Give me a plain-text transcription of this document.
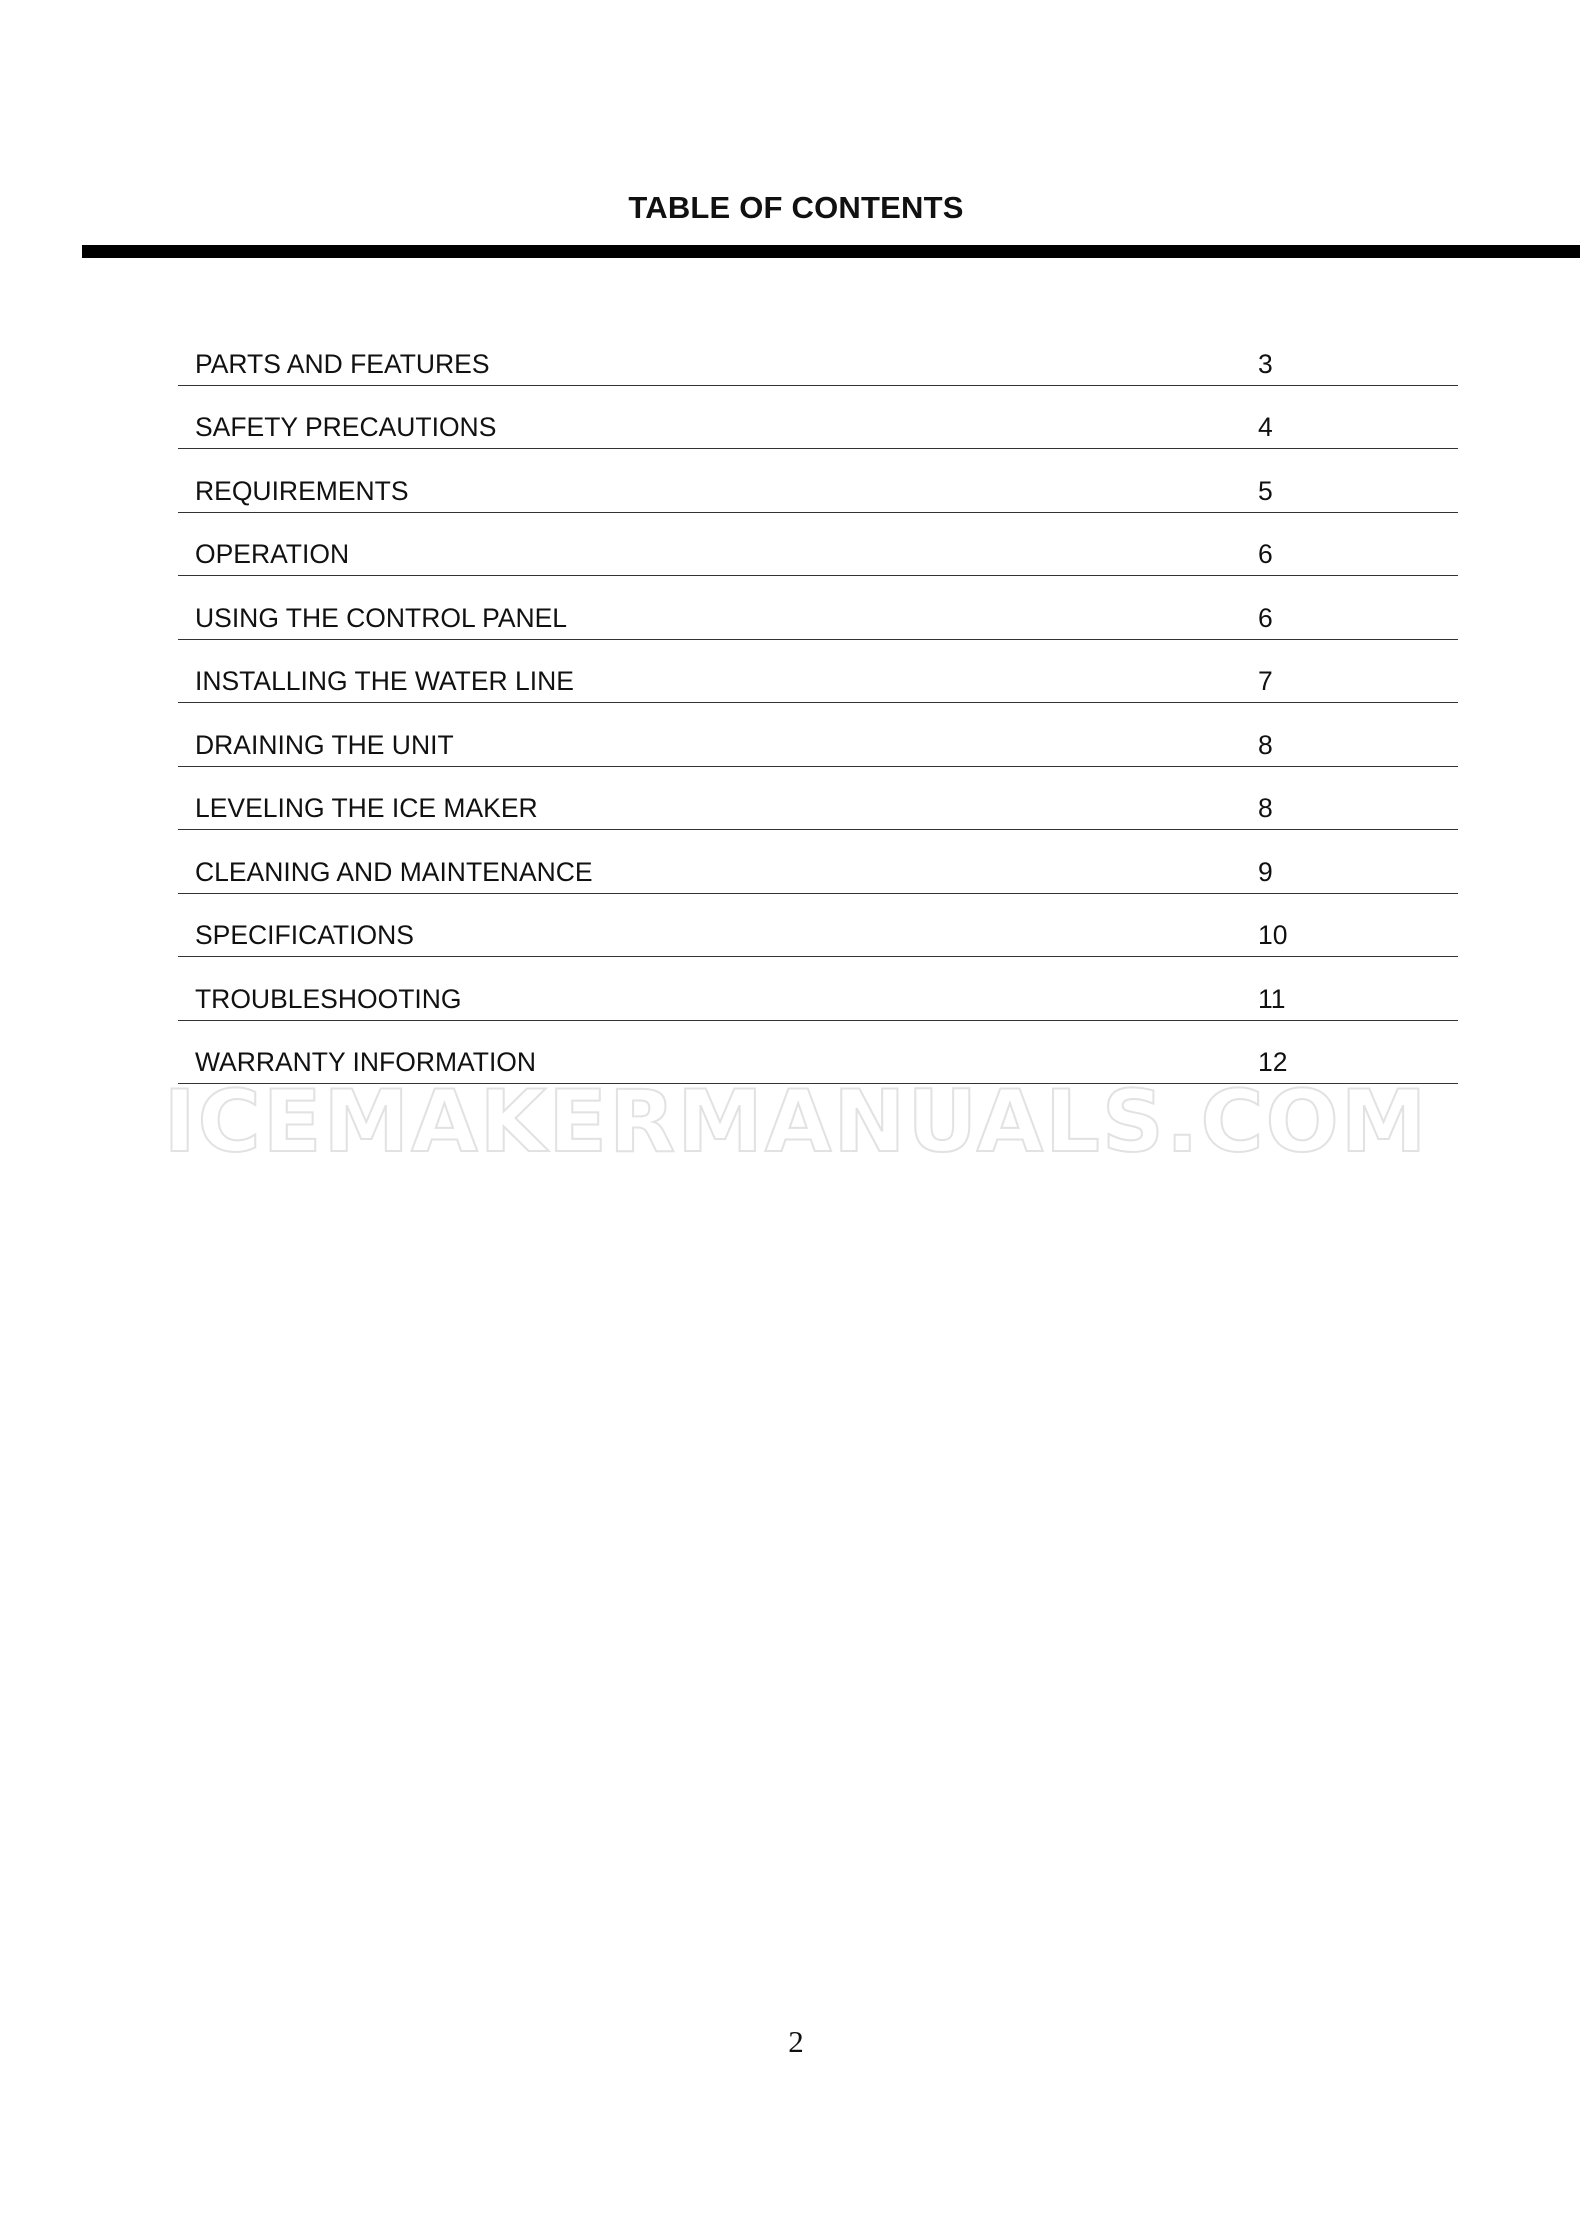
TABLE OF CONTENTS
PARTS AND FEATURES	3
SAFETY PRECAUTIONS	4
REQUIREMENTS	5
OPERATION	6
USING THE CONTROL PANEL	6
INSTALLING THE WATER LINE	7
DRAINING THE UNIT	8
LEVELING THE ICE MAKER	8
CLEANING AND MAINTENANCE	9
SPECIFICATIONS	10
TROUBLESHOOTING	11
WARRANTY INFORMATION	12
ICEMAKERMANUALS.COM
2
